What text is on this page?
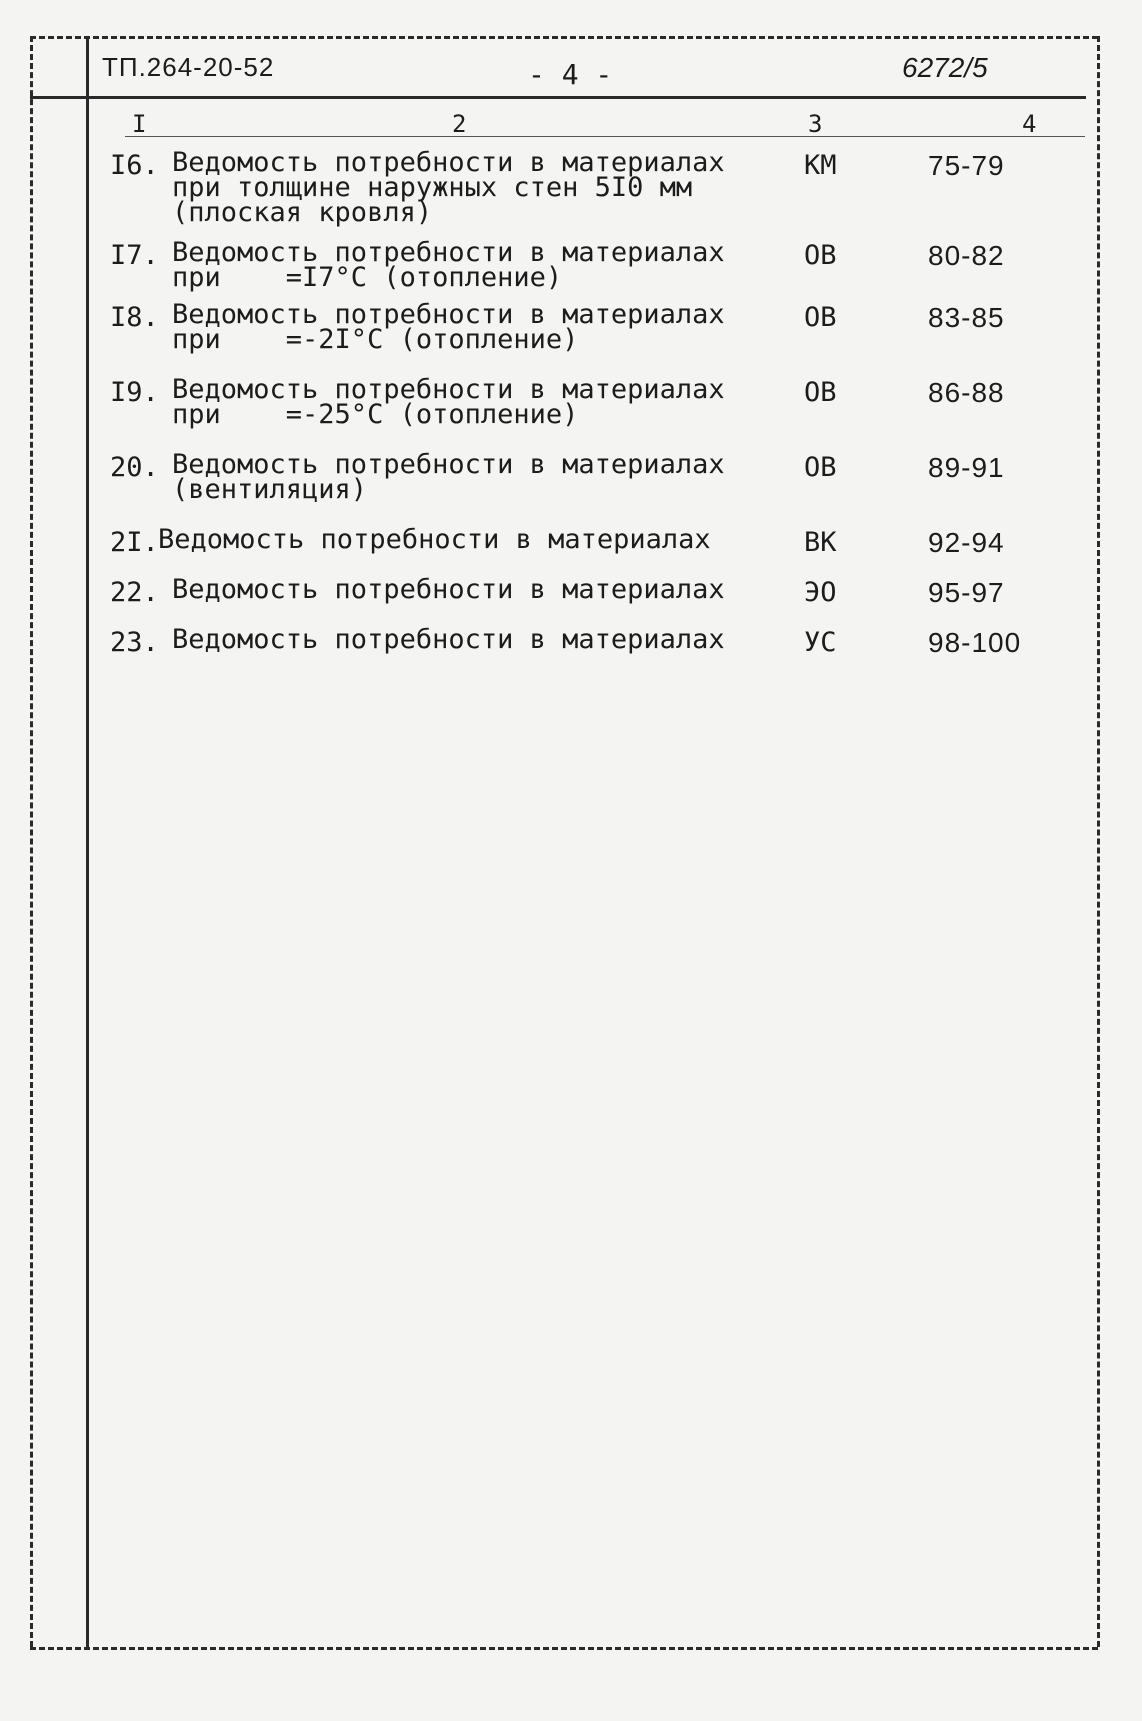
ТП.264-20-52	- 4 -	6272/5
I	2	3	4
I6. Ведомость потребности в материалах
при толщине наружных стен 5I0 мм
(плоская кровля)
КМ	75-79
I7. Ведомость потребности в материалах
при    =I7°С (отопление)
ОВ	80-82
I8. Ведомость потребности в материалах
при    =-2I°С (отопление)
ОВ	83-85
I9. Ведомость потребности в материалах
при    =-25°С (отопление)
ОВ	86-88
20. Ведомость потребности в материалах
(вентиляция)
ОВ	89-91
2I. Ведомость потребности в материалах	ВК	92-94
22. Ведомость потребности в материалах	ЭО	95-97
23. Ведомость потребности в материалах	УС	98-100
